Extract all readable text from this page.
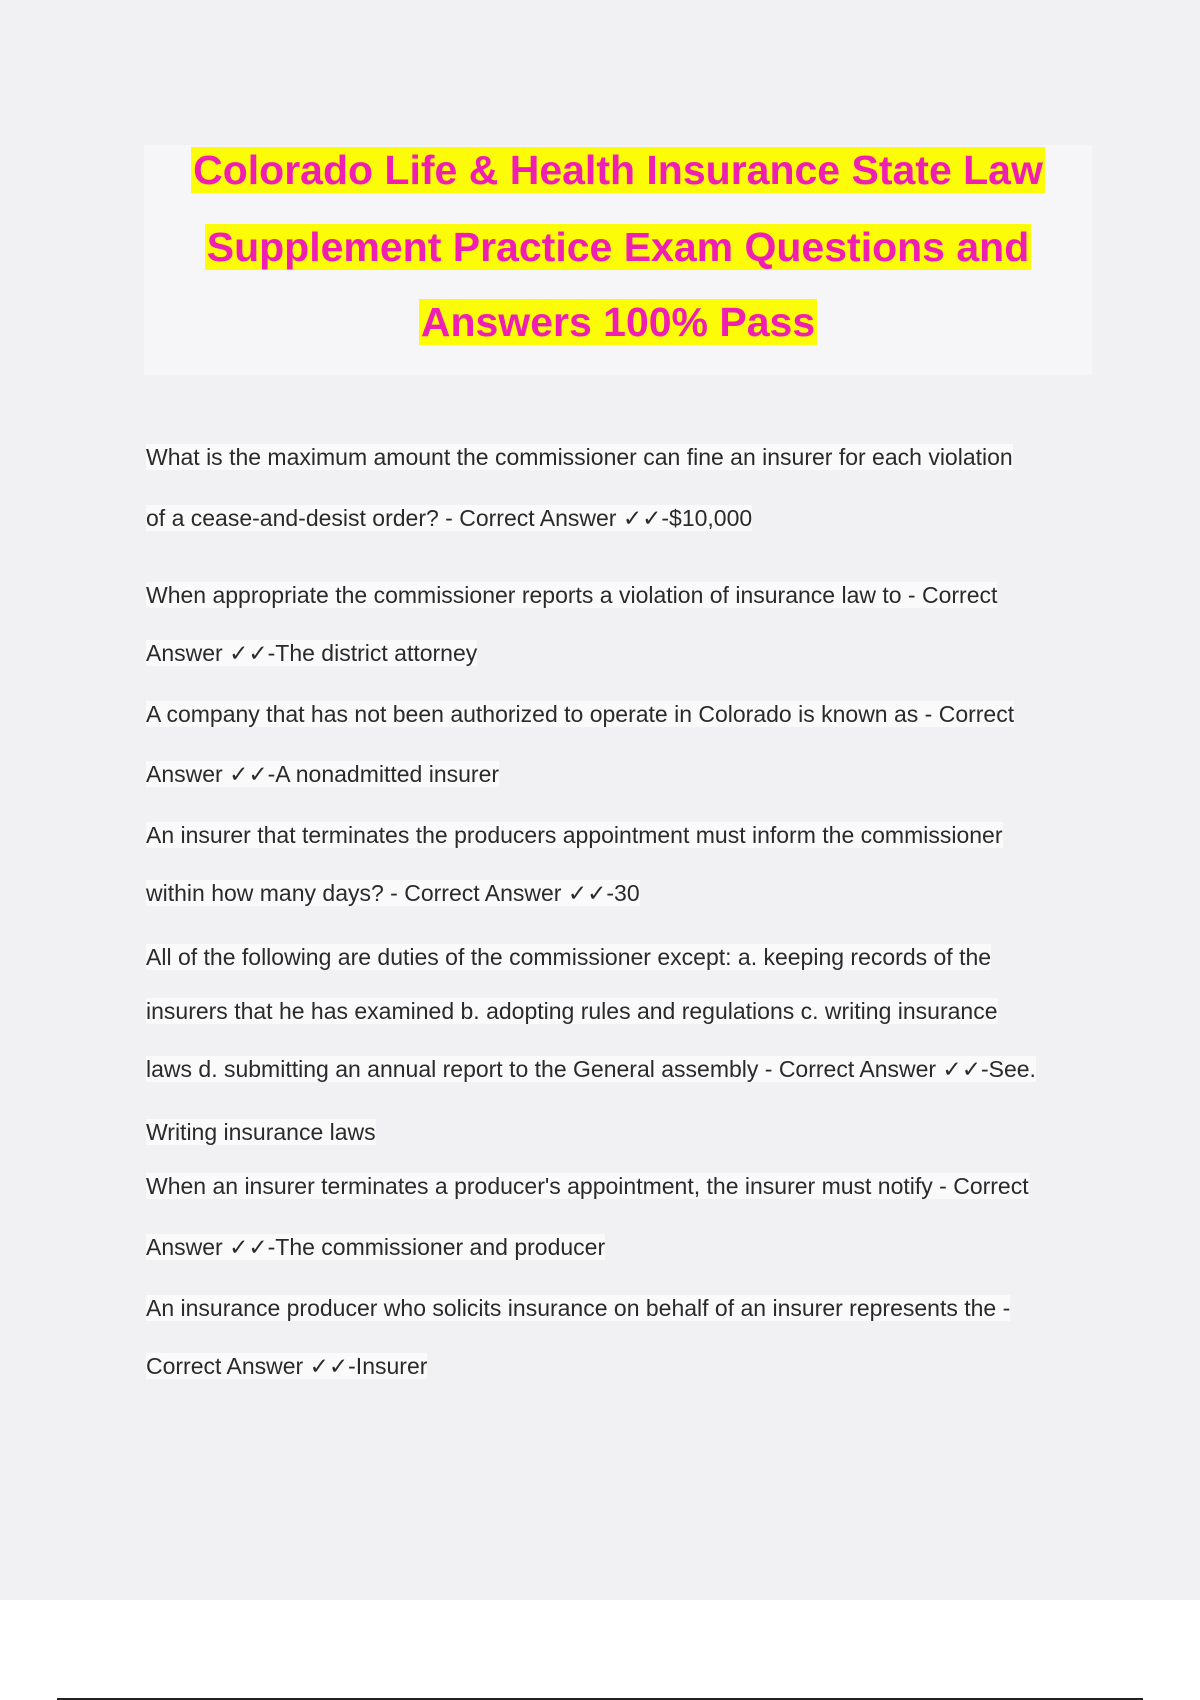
Colorado Life & Health Insurance State Law
Supplement Practice Exam Questions and
Answers 100% Pass
What is the maximum amount the commissioner can fine an insurer for each violation
of a cease-and-desist order? - Correct Answer ✓✓-$10,000
When appropriate the commissioner reports a violation of insurance law to - Correct
Answer ✓✓-The district attorney
A company that has not been authorized to operate in Colorado is known as - Correct
Answer ✓✓-A nonadmitted insurer
An insurer that terminates the producers appointment must inform the commissioner
within how many days? - Correct Answer ✓✓-30
All of the following are duties of the commissioner except: a. keeping records of the
insurers that he has examined b. adopting rules and regulations c. writing insurance
laws d. submitting an annual report to the General assembly - Correct Answer ✓✓-See.
Writing insurance laws
When an insurer terminates a producer's appointment, the insurer must notify - Correct
Answer ✓✓-The commissioner and producer
An insurance producer who solicits insurance on behalf of an insurer represents the -
Correct Answer ✓✓-Insurer
